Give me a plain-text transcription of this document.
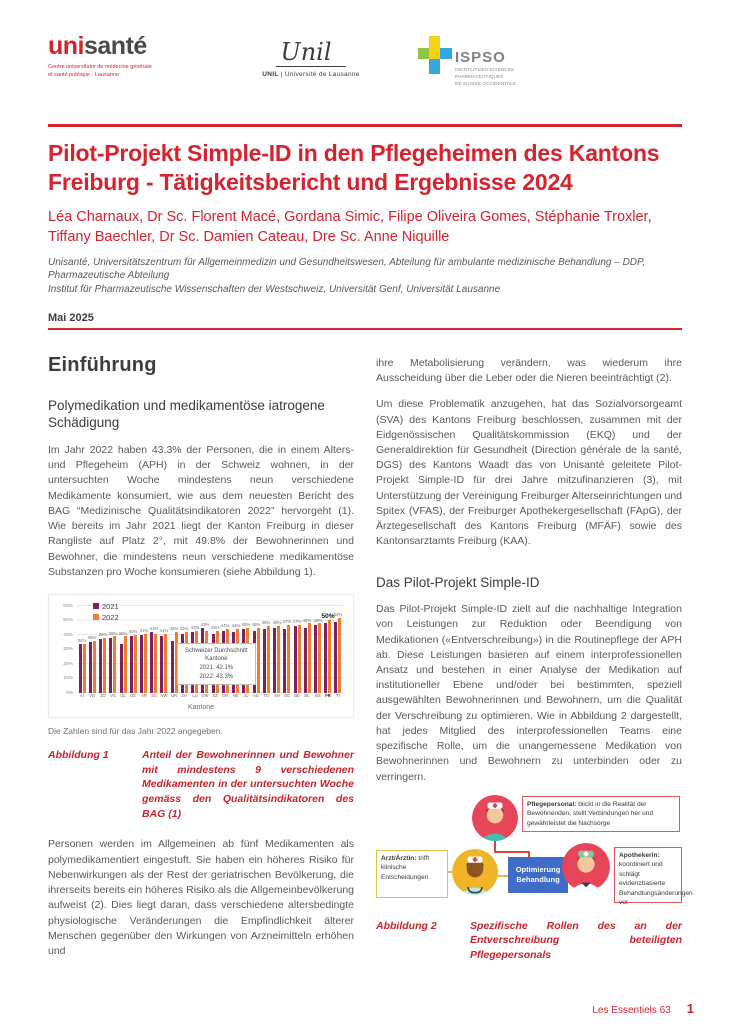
unisanté
Centre universitaire de médecine générale
et santé publique · Lausanne
Unil
UNIL | Université de Lausanne
ISPSO
INSTITUT DES SCIENCES
PHARMACEUTIQUES
DE SUISSE OCCIDENTALE
Pilot-Projekt Simple-ID in den Pflegeheimen des Kantons Freiburg - Tätigkeitsbericht und Ergebnisse 2024
Léa Charnaux, Dr Sc. Florent Macé, Gordana Simic, Filipe Oliveira Gomes, Stéphanie Troxler, Tiffany Baechler, Dr Sc. Damien Cateau, Dre Sc. Anne Niquille
Unisanté, Universitätszentrum für Allgemeinmedizin und Gesundheitswesen, Abteilung für ambulante medizinische Behandlung – DDP, Pharmazeutische Abteilung
Institut für Pharmazeutische Wissenschaften der Westschweiz, Universität Genf, Universität Lausanne
Mai 2025
Einführung
Polymedikation und medikamentöse iatrogene Schädigung

Im Jahr 2022 haben 43.3% der Personen, die in einem Alters- und Pflegeheim (APH) in der Schweiz wohnen, in der untersuchten Woche mindestens neun verschiedene Medikamente konsumiert, wie aus dem neuesten Bericht des BAG “Medizinische Qualitätsindikatoren 2022” hervorgeht (1). Wie bereits im Jahr 2021 liegt der Kanton Freiburg in dieser Rangliste auf Platz 2°, mit 49.8% der Bewohnerinnen und Bewohner, die mindestens neun verschiedene medikamentöse Substanzen pro Woche konsumieren (siehe Abbildung 1).

0%
10%
20%
30%
40%
50%
60%	2021
2022
34%
AI
36%
VD
38%
ZG
39%
VS
39%
GL
40%
GE
41%
AR
41%
SG
41%
NW
42%
UR
42%
ZH
43%
LU
43%
OW
43%
SZ
44%
GR
44%
NE
45%
JU
45%
AG
46%
TG
46%
SH
47%
SO
47%
BE
48%
BL
48%
BS
50%
FR
52%
TI
Schweizer Durchschnitt
Kantone
2021: 42.1%
2022: 43.3%
Kantone
Die Zahlen sind für das Jahr 2022 angegeben.
Abbildung 1	Anteil der Bewohnerinnen und Bewohner mit mindestens 9 verschiedenen Medikamenten in der untersuchten Woche gemäss den Qualitätsindikatoren des BAG (1)

Personen werden im Allgemeinen ab fünf Medikamenten als polymedikamentiert eingestuft. Sie haben ein höheres Risiko für Nebenwirkungen als der Rest der geriatrischen Bevölkerung, die ihrerseits bereits ein höheres Risiko als die Allgemeinbevölkerung aufweist (2). Dies liegt daran, dass verschiedene altersbedingte physiologische Veränderungen die Empfindlichkeit älterer Menschen gegenüber den Wirkungen von Arzneimitteln erhöhen und

ihre Metabolisierung verändern, was wiederum ihre Ausscheidung über die Leber oder die Nieren beeinträchtigt (2).

Um diese Problematik anzugehen, hat das Sozialvorsorgeamt (SVA) des Kantons Freiburg beschlossen, zusammen mit der Eidgenössischen Qualitätskommission (EKQ) und der Generaldirektion für Gesundheit (Direction générale de la santé, DGS) des Kantons Waadt das von Unisanté geleitete Pilot-Projekt Simple-ID für drei Jahre mitzufinanzieren (3), mit Unterstützung der Vereinigung Freiburger Alterseinrichtungen und Spitex (VFAS), der Freiburger Apothekergesellschaft (FApG), der Ärztegesellschaft des Kantons Freiburg (MFÄF) sowie des Kantonsarztamts Freiburg (KAA).

Das Pilot-Projekt Simple-ID

Das Pilot-Projekt Simple-ID zielt auf die nachhaltige Integration von Leistungen zur Reduktion oder Beendigung von Medikationen («Entverschreibung») in die Routinepflege der APH ab. Diese Leistungen basieren auf einem interprofessionellen Ansatz und bestehen in einer Analyse der Medikation auf institutioneller Ebene und/oder bei bestimmten, speziell ausgewählten Bewohnerinnen und Bewohnern, um die Qualität der Verschreibung zu optimieren. Wie in Abbildung 2 dargestellt, hat jedes Mitglied des interprofessionellen Teams eine spezifische Rolle, um die unangemessene Medikation von Bewohnerinnen und Bewohnern zu unterbinden oder zu verringern.

Pflegepersonal: blickt in die Realität der Bewohnenden, stellt Verbindungen her und gewährleistet die Nachsorge
Arzt/Ärztin: trifft klinische Entscheidungen
Optimierung Behandlung
Apothekerin: koordiniert und schlägt evidenzbasierte Behandlungsänderungen vor
Abbildung 2	Spezifische Rollen des an der Entverschreibung beteiligten Pflegepersonals
Les Essentiels 63 1
